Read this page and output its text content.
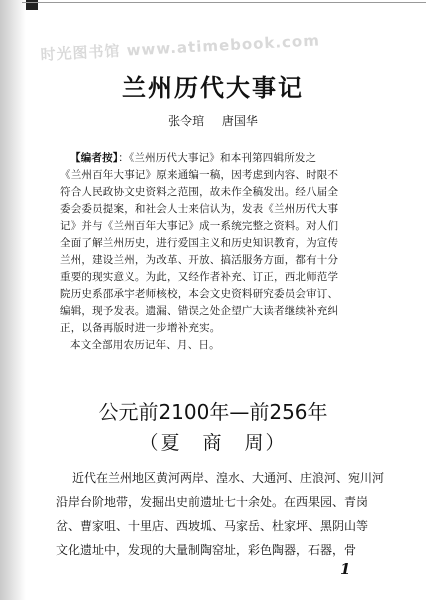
时光图书馆 www.atimebook.com
兰州历代大事记
张令琯 唐国华
【编者按】：《兰州历代大事记》和本刊第四辑所发之
《兰州百年大事记》原来通编一稿，因考虑到内容、时限不
符合人民政协文史资料之范围，故未作全稿发出。经八届全
委会委员提案，和社会人士来信认为，发表《兰州历代大事
记》并与《兰州百年大事记》成一系统完整之资料。对人们
全面了解兰州历史，进行爱国主义和历史知识教育，为宣传
兰州，建设兰州，为改革、开放、搞活服务方面，都有十分
重要的现实意义。为此，又经作者补充、订正，西北师范学
院历史系邵承宇老师核校，本会文史资料研究委员会审订、
编辑，现予发表。遗漏、错误之处企望广大读者继续补充纠
正，以备再版时进一步增补充实。
本文全部用农历记年、月、日。
公元前2100年—前256年
（夏　商　周）
近代在兰州地区黄河两岸、湟水、大通河、庄浪河、宛川河
沿岸台阶地带，发掘出史前遗址七十余处。在西果园、青岗
岔、曹家咀、十里店、西坡坬、马家岳、杜家坪、黑阴山等
文化遗址中，发现的大量制陶窑址，彩色陶器，石器，骨
1
